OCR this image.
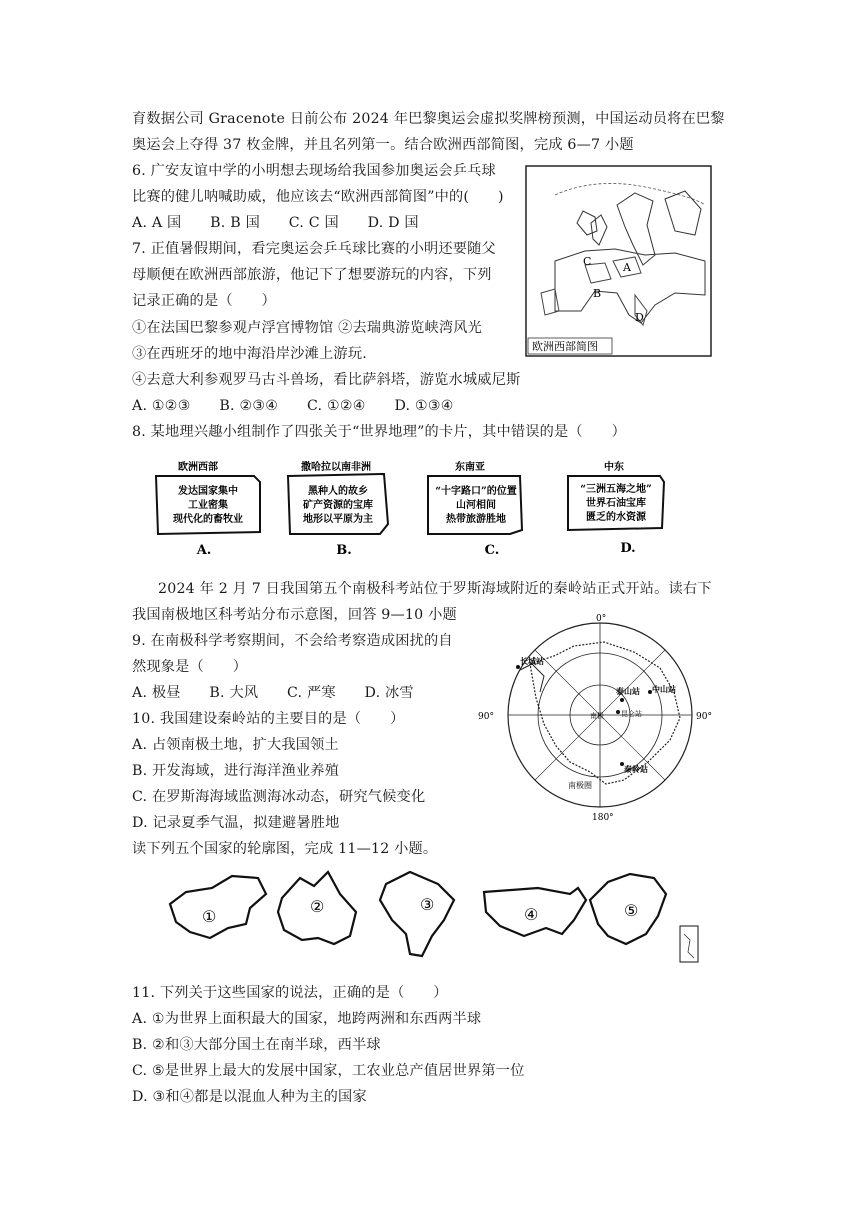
育数据公司 Gracenote 日前公布 2024 年巴黎奥运会虚拟奖牌榜预测，中国运动员将在巴黎
奥运会上夺得 37 枚金牌，并且名列第一。结合欧洲西部简图，完成 6—7 小题
6. 广安友谊中学的小明想去现场给我国参加奥运会乒乓球
比赛的健儿呐喊助威，他应该去“欧洲西部简图”中的(　　)
A. A 国　　B. B 国　　C. C 国　　D. D 国
7. 正值暑假期间，看完奥运会乒乓球比赛的小明还要随父
母顺便在欧洲西部旅游，他记下了想要游玩的内容，下列
记录正确的是（　　）
①在法国巴黎参观卢浮宫博物馆 ②去瑞典游览峡湾风光
③在西班牙的地中海沿岸沙滩上游玩.
④去意大利参观罗马古斗兽场，看比萨斜塔，游览水城威尼斯
A. ①②③　　B. ②③④　　C. ①②④　　D. ①③④
8. 某地理兴趣小组制作了四张关于“世界地理”的卡片，其中错误的是（　　）
2024 年 2 月 7 日我国第五个南极科考站位于罗斯海域附近的秦岭站正式开站。读右下
我国南极地区科考站分布示意图，回答 9—10 小题
9. 在南极科学考察期间，不会给考察造成困扰的自
然现象是（　　）
A. 极昼　　B. 大风　　C. 严寒　　D. 冰雪
10. 我国建设秦岭站的主要目的是（　　）
A. 占领南极土地，扩大我国领土
B. 开发海域，进行海洋渔业养殖
C. 在罗斯海海域监测海冰动态，研究气候变化
D. 记录夏季气温，拟建避暑胜地
读下列五个国家的轮廓图，完成 11—12 小题。
11. 下列关于这些国家的说法，正确的是（　　）
A. ①为世界上面积最大的国家，地跨两洲和东西两半球
B. ②和③大部分国土在南半球，西半球
C. ⑤是世界上最大的发展中国家，工农业总产值居世界第一位
D. ③和④都是以混血人种为主的国家
A
B
C
D
欧洲西部简图
欧洲西部
发达国家集中
工业密集
现代化的畜牧业
A.
撒哈拉以南非洲
黑种人的故乡
矿产资源的宝库
地形以平原为主
B.
东南亚
“十字路口”的位置
山河相间
热带旅游胜地
C.
中东
“三洲五海之地”
世界石油宝库
匮乏的水资源
D.
0°
180°
90°	90°
南极圈
南极
长城站
中山站
泰山站
昆仑站
秦岭站
①
②	③
④	⑤
